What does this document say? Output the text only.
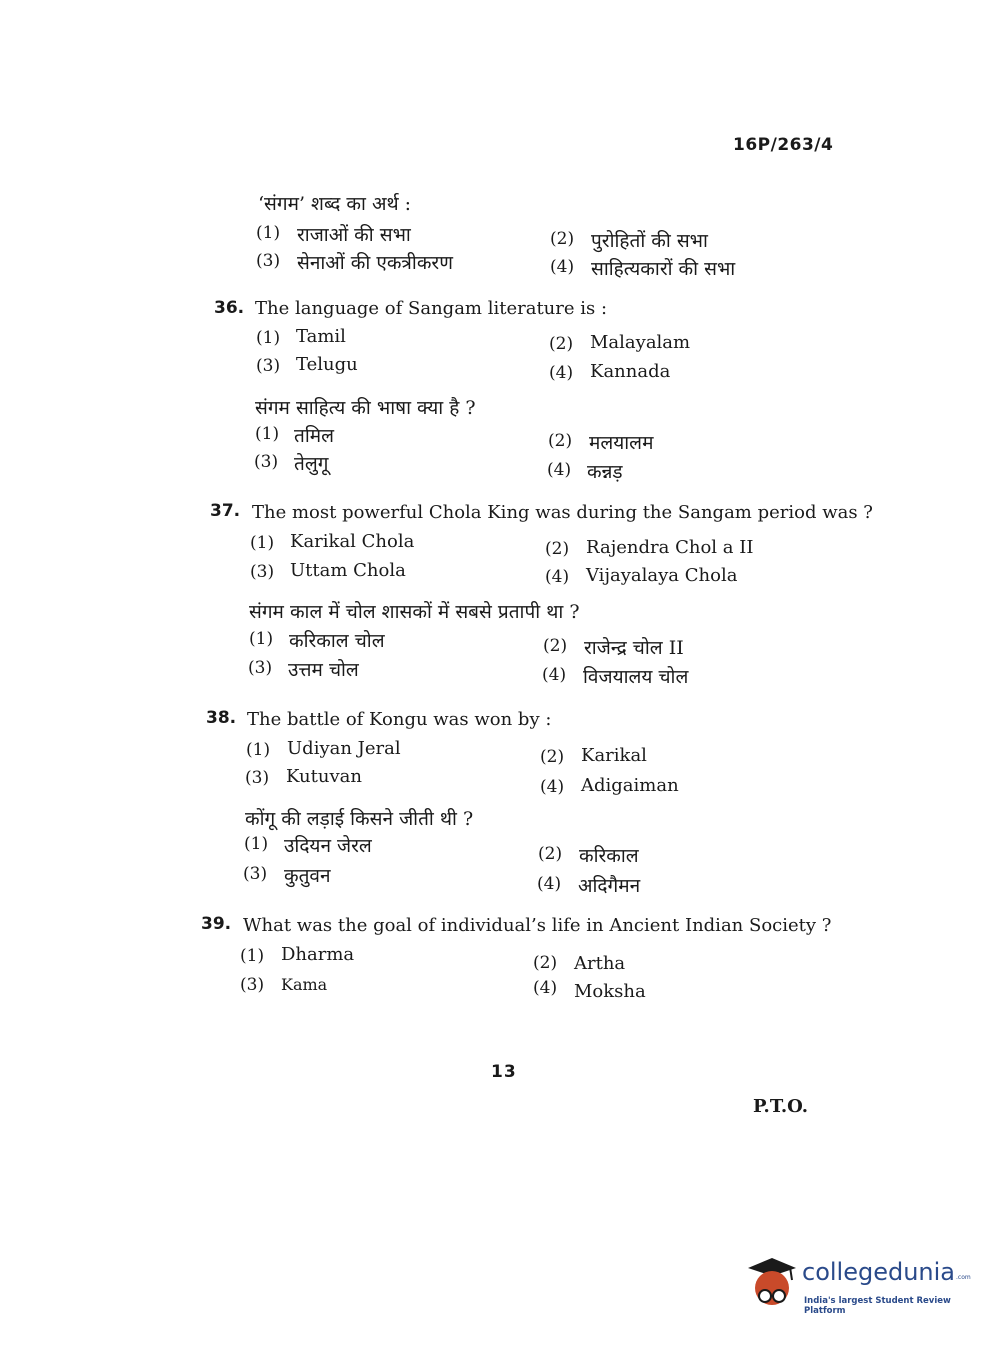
16P/263/4
‘संगम’ शब्द का अर्थ :
(1) राजाओं की सभा	(2) पुरोहितों की सभा
(3) सेनाओं की एकत्रीकरण	(4) साहित्यकारों की सभा
36. The language of Sangam literature is :
(1) Tamil	(2) Malayalam
(3) Telugu	(4) Kannada
संगम साहित्य की भाषा क्या है ?
(1) तमिल	(2) मलयालम
(3) तेलुगू	(4) कन्नड़
37. The most powerful Chola King was during the Sangam period was ?
(1) Karikal Chola	(2) Rajendra Chol a II
(3) Uttam Chola	(4) Vijayalaya Chola
संगम काल में चोल शासकों में सबसे प्रतापी था ?
(1) करिकाल चोल	(2) राजेन्द्र चोल II
(3) उत्तम चोल	(4) विजयालय चोल
38. The battle of Kongu was won by :
(1) Udiyan Jeral	(2) Karikal
(3) Kutuvan	(4) Adigaiman
कोंगू की लड़ाई किसने जीती थी ?
(1) उदियन जेरल	(2) करिकाल
(3) कुतुवन	(4) अदिगैमन
39. What was the goal of individual’s life in Ancient Indian Society ?
(1) Dharma	(2) Artha
(3) Kama	(4) Moksha
13
P.T.O.
collegedunia .com
India's largest Student Review Platform
